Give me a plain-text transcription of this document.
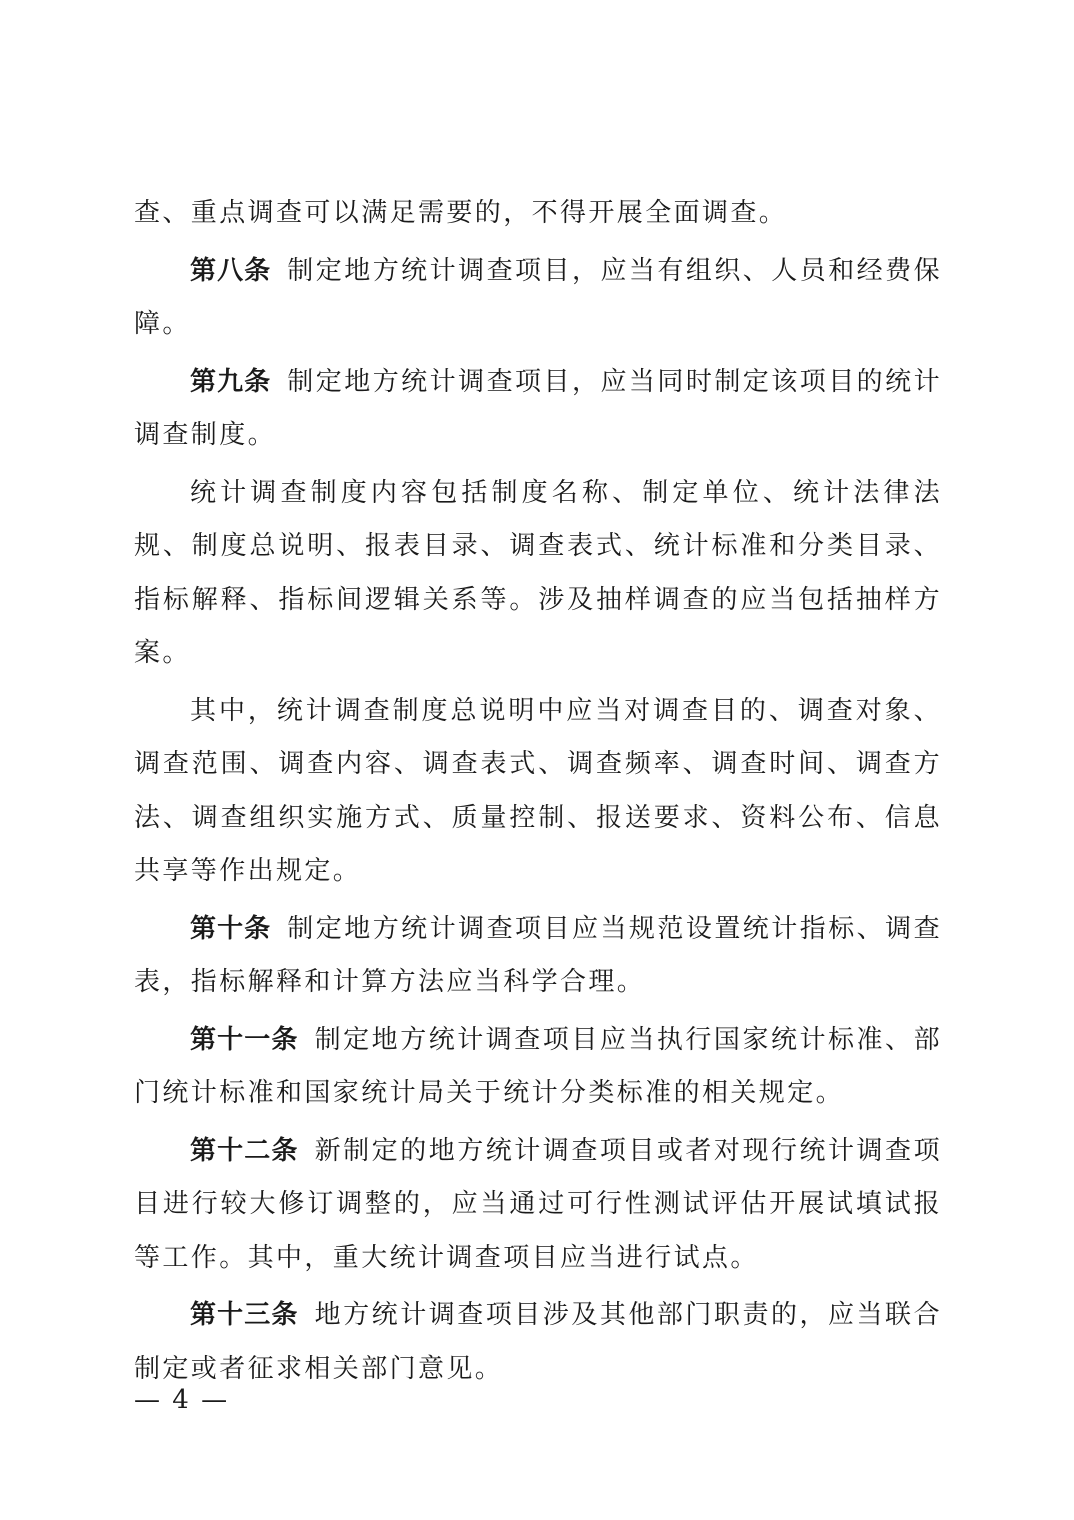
查、重点调查可以满足需要的，不得开展全面调查。

第八条 制定地方统计调查项目，应当有组织、人员和经费保障。

第九条 制定地方统计调查项目，应当同时制定该项目的统计调查制度。

统计调查制度内容包括制度名称、制定单位、统计法律法规、制度总说明、报表目录、调查表式、统计标准和分类目录、指标解释、指标间逻辑关系等。涉及抽样调查的应当包括抽样方案。

其中，统计调查制度总说明中应当对调查目的、调查对象、调查范围、调查内容、调查表式、调查频率、调查时间、调查方法、调查组织实施方式、质量控制、报送要求、资料公布、信息共享等作出规定。

第十条 制定地方统计调查项目应当规范设置统计指标、调查表，指标解释和计算方法应当科学合理。

第十一条 制定地方统计调查项目应当执行国家统计标准、部门统计标准和国家统计局关于统计分类标准的相关规定。

第十二条 新制定的地方统计调查项目或者对现行统计调查项目进行较大修订调整的，应当通过可行性测试评估开展试填试报等工作。其中，重大统计调查项目应当进行试点。

第十三条 地方统计调查项目涉及其他部门职责的，应当联合制定或者征求相关部门意见。

— 4 —
